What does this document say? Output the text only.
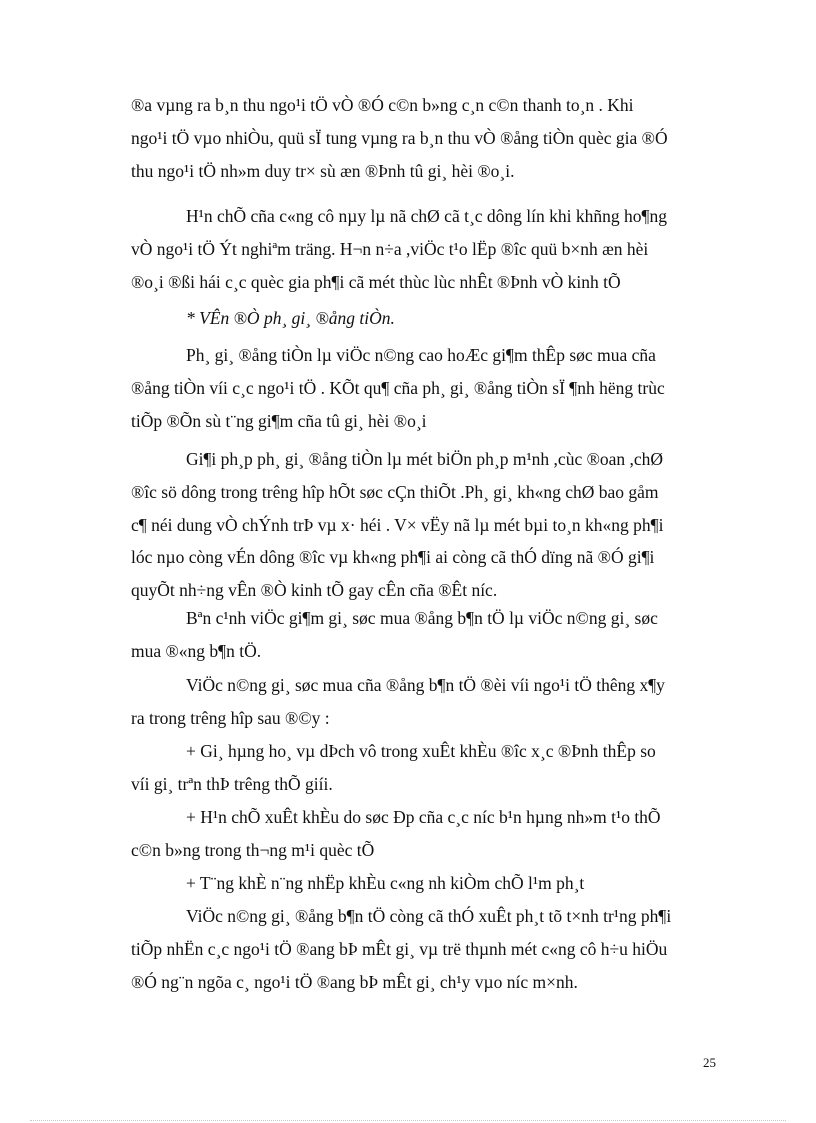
®a vµng ra b¸n thu ngo¹i tÖ vÒ ®Ó c©n b»ng c¸n c©n thanh to¸n . Khi
ngo¹i tÖ vµo nhiÒu, quü sÏ tung vµng ra b¸n thu vÒ ®ång tiÒn quèc gia ®Ó
thu ngo¹i tÖ nh»m duy tr× sù æn ®Þnh tû gi¸ hèi ®o¸i.
H¹n chÕ cña c«ng cô nµy lµ nã chØ cã t¸c dông lín khi khñng ho¶ng
vÒ ngo¹i tÖ Ýt nghiªm träng. H¬n n÷a ,viÖc t¹o lËp ®îc quü b×nh æn hèi
®o¸i ®ßi hái c¸c quèc gia ph¶i cã mét thùc lùc nhÊt ®Þnh vÒ kinh tÕ
* VÊn ®Ò ph¸ gi¸ ®ång tiÒn.
Ph¸ gi¸ ®ång tiÒn lµ viÖc n©ng cao hoÆc gi¶m thÊp søc mua cña
®ång tiÒn víi c¸c ngo¹i tÖ . KÕt qu¶ cña ph¸ gi¸ ®ång tiÒn sÏ ¶nh hëng trùc
tiÕp ®Õn sù t¨ng gi¶m cña tû gi¸ hèi ®o¸i
Gi¶i ph¸p ph¸ gi¸ ®ång tiÒn lµ mét biÖn ph¸p m¹nh ,cùc ®oan ,chØ
®îc sö dông trong trêng hîp hÕt søc cÇn thiÕt .Ph¸ gi¸ kh«ng chØ bao gåm
c¶ néi dung vÒ chÝnh trÞ vµ x· héi . V× vËy nã lµ mét bµi to¸n kh«ng ph¶i
lóc nµo còng vÉn dông ®îc vµ kh«ng ph¶i ai còng cã thÓ dïng nã ®Ó gi¶i
quyÕt nh÷ng vÊn ®Ò kinh tÕ gay cÊn cña ®Êt níc.
Bªn c¹nh viÖc gi¶m gi¸ søc mua ®ång b¶n tÖ lµ viÖc n©ng gi¸ søc
mua ®«ng b¶n tÖ.
ViÖc n©ng gi¸ søc mua cña ®ång b¶n tÖ ®èi víi ngo¹i tÖ thêng x¶y
ra trong trêng hîp sau ®©y :
+ Gi¸ hµng ho¸ vµ dÞch vô trong xuÊt khÈu ®îc x¸c ®Þnh thÊp so
víi gi¸ trªn thÞ trêng thÕ giíi.
+ H¹n chÕ xuÊt khÈu do søc Ðp cña c¸c níc b¹n hµng nh»m t¹o thÕ
c©n b»ng trong th¬ng m¹i quèc tÕ
+ T¨ng khÈ n¨ng nhËp khÈu c«ng nh kiÒm chÕ l¹m ph¸t
ViÖc n©ng gi¸ ®ång b¶n tÖ còng cã thÓ xuÊt ph¸t tõ t×nh tr¹ng ph¶i
tiÕp nhËn c¸c ngo¹i tÖ ®ang bÞ mÊt gi¸ vµ trë thµnh mét c«ng cô h÷u hiÖu
®Ó ng¨n ngõa c¸ ngo¹i tÖ ®ang bÞ mÊt gi¸ ch¹y vµo níc m×nh.
25
